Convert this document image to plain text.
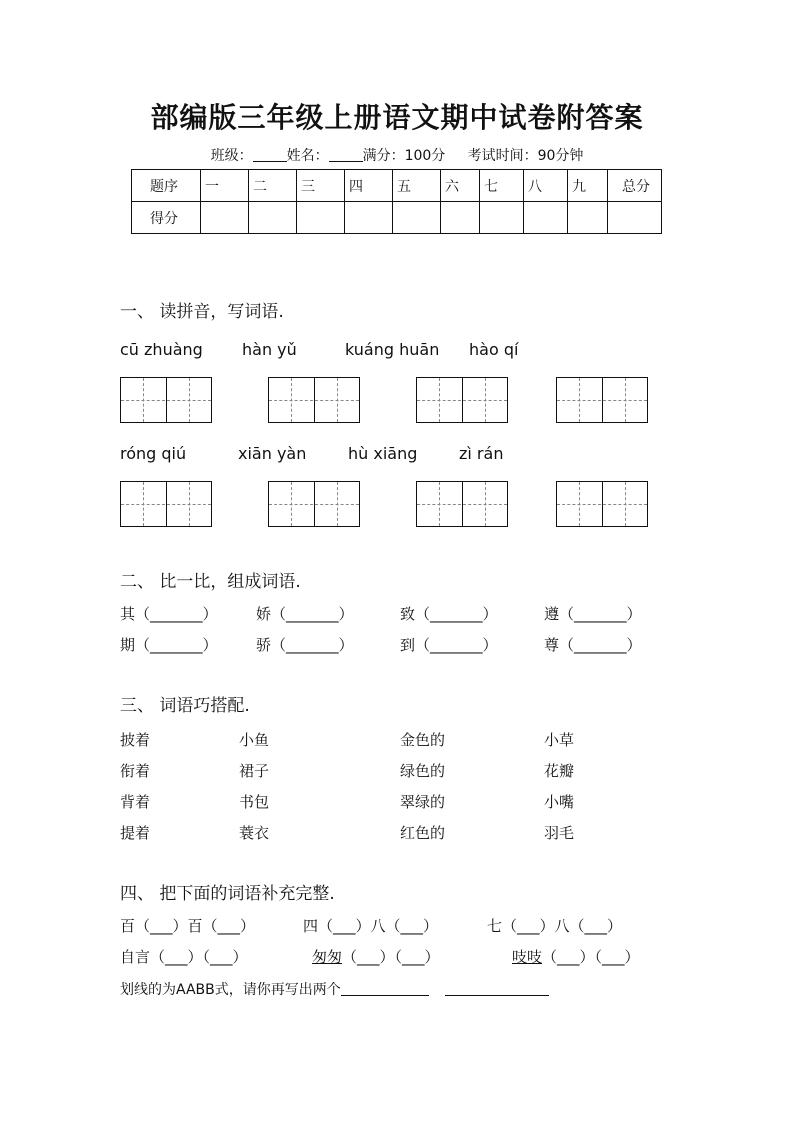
部编版三年级上册语文期中试卷附答案
班级： 姓名： 满分：100分 考试时间：90分钟
题序	一	二	三	四	五	六	七	八	九	总分
得分										
一、 读拼音，写词语.
cū zhuàng hàn yǔ	kuáng huān hào qí
róng qiú	xiān yàn	hù xiāng	zì rán
二、 比一比，组成词语.
其（_______）	娇（_______）	致（_______）	遵（_______）
期（_______）	骄（_______）	到（_______）	尊（_______）
三、 词语巧搭配.
披着	小鱼	金色的	小草
衔着	裙子	绿色的	花瓣
背着	书包	翠绿的	小嘴
提着	蓑衣	红色的	羽毛
四、 把下面的词语补充完整.
百（___）百（___）	四（___）八（___）	七（___）八（___）
自言（___）（___）	匆匆（___）（___）	吱吱（___）（___）
划线的为AABB式，请你再写出两个
